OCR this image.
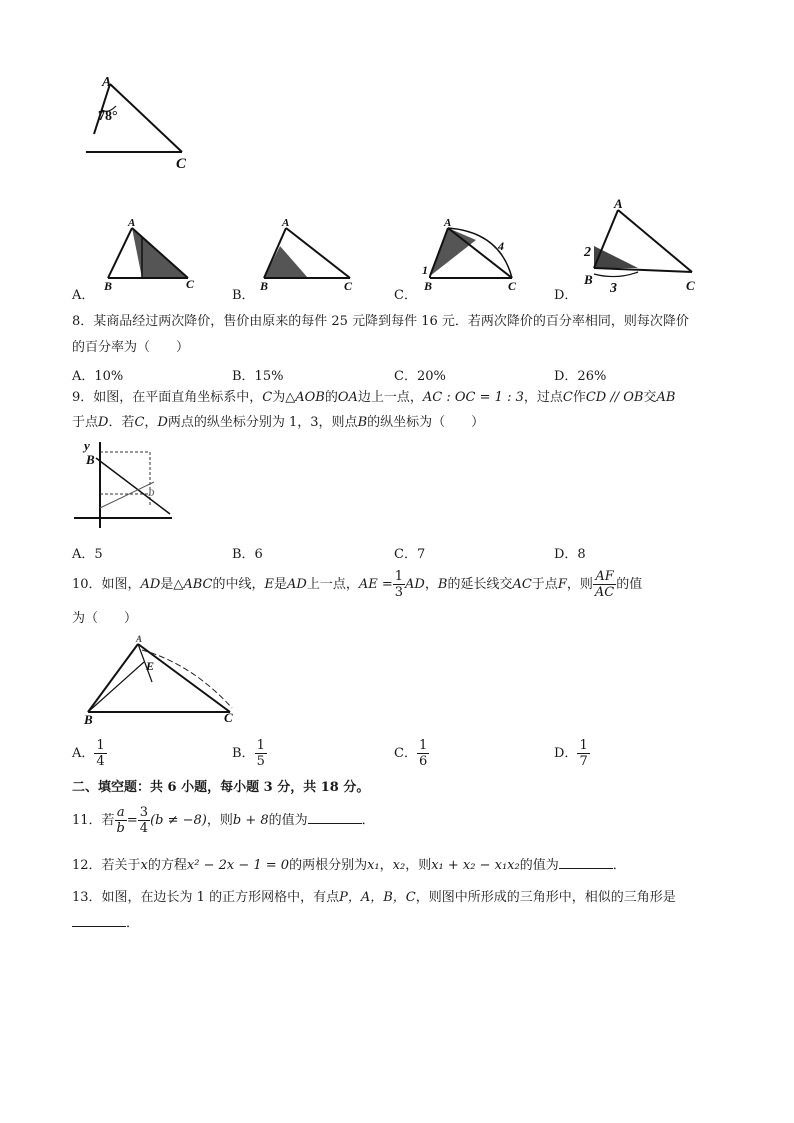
A
78°
C
A
B	C
A．
A
B	C
B．
A
B	C
1
4
C．
A
B	C
2
3
D．
8．某商品经过两次降价，售价由原来的每件 25 元降到每件 16 元．若两次降价的百分率相同，则每次降价
的百分率为（　　）
A．10%	B．15%	C．20%	D．26%
9．如图，在平面直角坐标系中，C为△AOB的OA边上一点，AC : OC = 1 : 3，过点C作CD // OB交AB
于点D．若C，D两点的纵坐标分别为 1，3，则点B的纵坐标为（　　）
y
B
D
A．5	B．6	C．7	D．8
10．如图，AD是△ABC的中线，E是AD上一点，AE = $\frac{1}{3}$ AD，B的延长线交AC于点F，则 $\frac{AF}{AC}$ 的值
为（　　）
A
E
B	C
A． $\frac{1}{4}$	B． $\frac{1}{5}$	C． $\frac{1}{6}$	D． $\frac{1}{7}$
二、填空题：共 6 小题，每小题 3 分，共 18 分。
11．若 $\frac{a}{b} = \frac{3}{4} (b \ne -8)$，则b + 8的值为	．
12．若关于x的方程x² − 2x − 1 = 0的两根分别为x₁，x₂，则x₁ + x₂ − x₁x₂的值为	．
13．如图，在边长为 1 的正方形网格中，有点P，A，B，C，则图中所形成的三角形中，相似的三角形是
．
